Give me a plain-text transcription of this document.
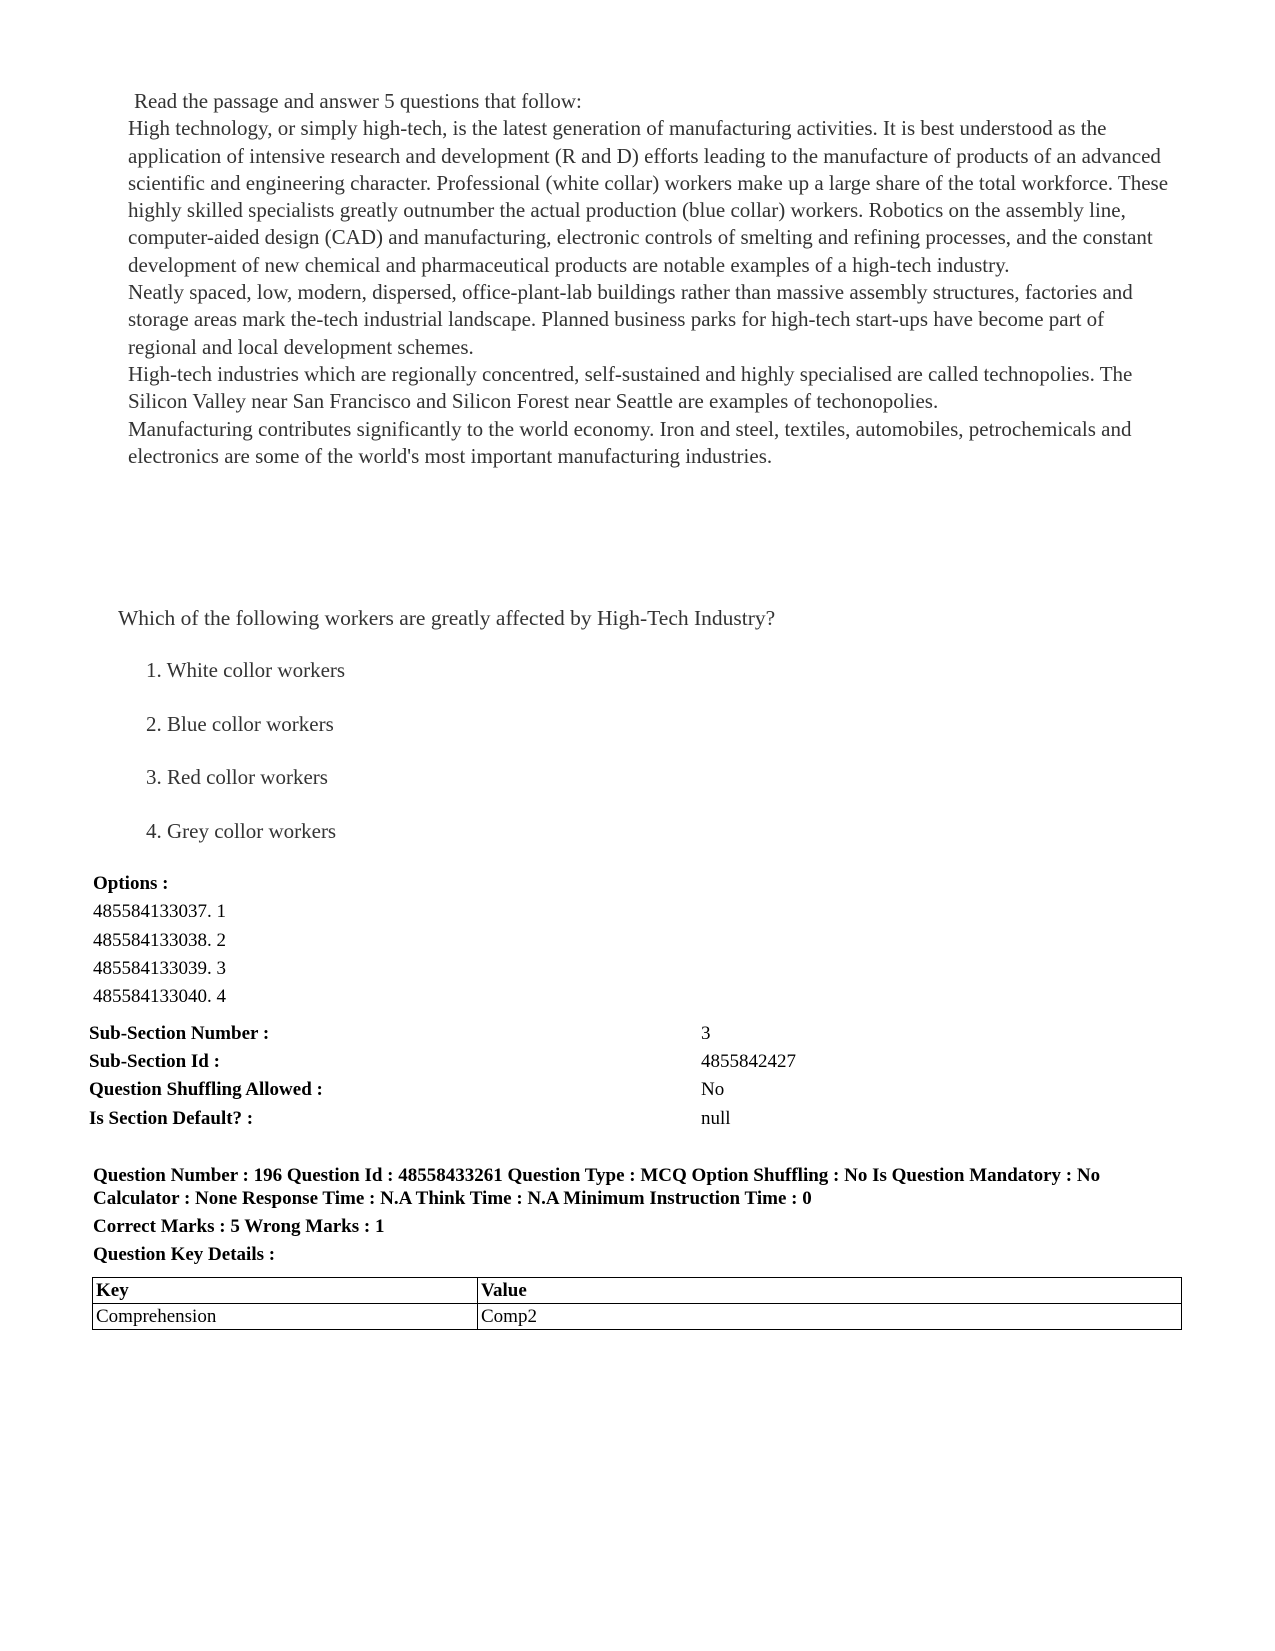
Read the passage and answer 5 questions that follow:

High technology, or simply high-tech, is the latest generation of manufacturing activities. It is best understood as the application of intensive research and development (R and D) efforts leading to the manufacture of products of an advanced scientific and engineering character. Professional (white collar) workers make up a large share of the total workforce. These highly skilled specialists greatly outnumber the actual production (blue collar) workers. Robotics on the assembly line, computer-aided design (CAD) and manufacturing, electronic controls of smelting and refining processes, and the constant development of new chemical and pharmaceutical products are notable examples of a high-tech industry.

Neatly spaced, low, modern, dispersed, office-plant-lab buildings rather than massive assembly structures, factories and storage areas mark the-tech industrial landscape. Planned business parks for high-tech start-ups have become part of regional and local development schemes.

High-tech industries which are regionally concentred, self-sustained and highly specialised are called technopolies. The Silicon Valley near San Francisco and Silicon Forest near Seattle are examples of techonopolies.

Manufacturing contributes significantly to the world economy. Iron and steel, textiles, automobiles, petrochemicals and electronics are some of the world's most important manufacturing industries.

Which of the following workers are greatly affected by High-Tech Industry?
1. White collor workers
2. Blue collor workers
3. Red collor workers
4. Grey collor workers
Options :
485584133037. 1
485584133038. 2
485584133039. 3
485584133040. 4
Sub-Section Number :	3
Sub-Section Id :	4855842427
Question Shuffling Allowed :	No
Is Section Default? :	null

Question Number : 196 Question Id : 48558433261 Question Type : MCQ Option Shuffling : No Is Question Mandatory : No Calculator : None Response Time : N.A Think Time : N.A Minimum Instruction Time : 0

Correct Marks : 5 Wrong Marks : 1

Question Key Details :

Key	Value
Comprehension	Comp2
